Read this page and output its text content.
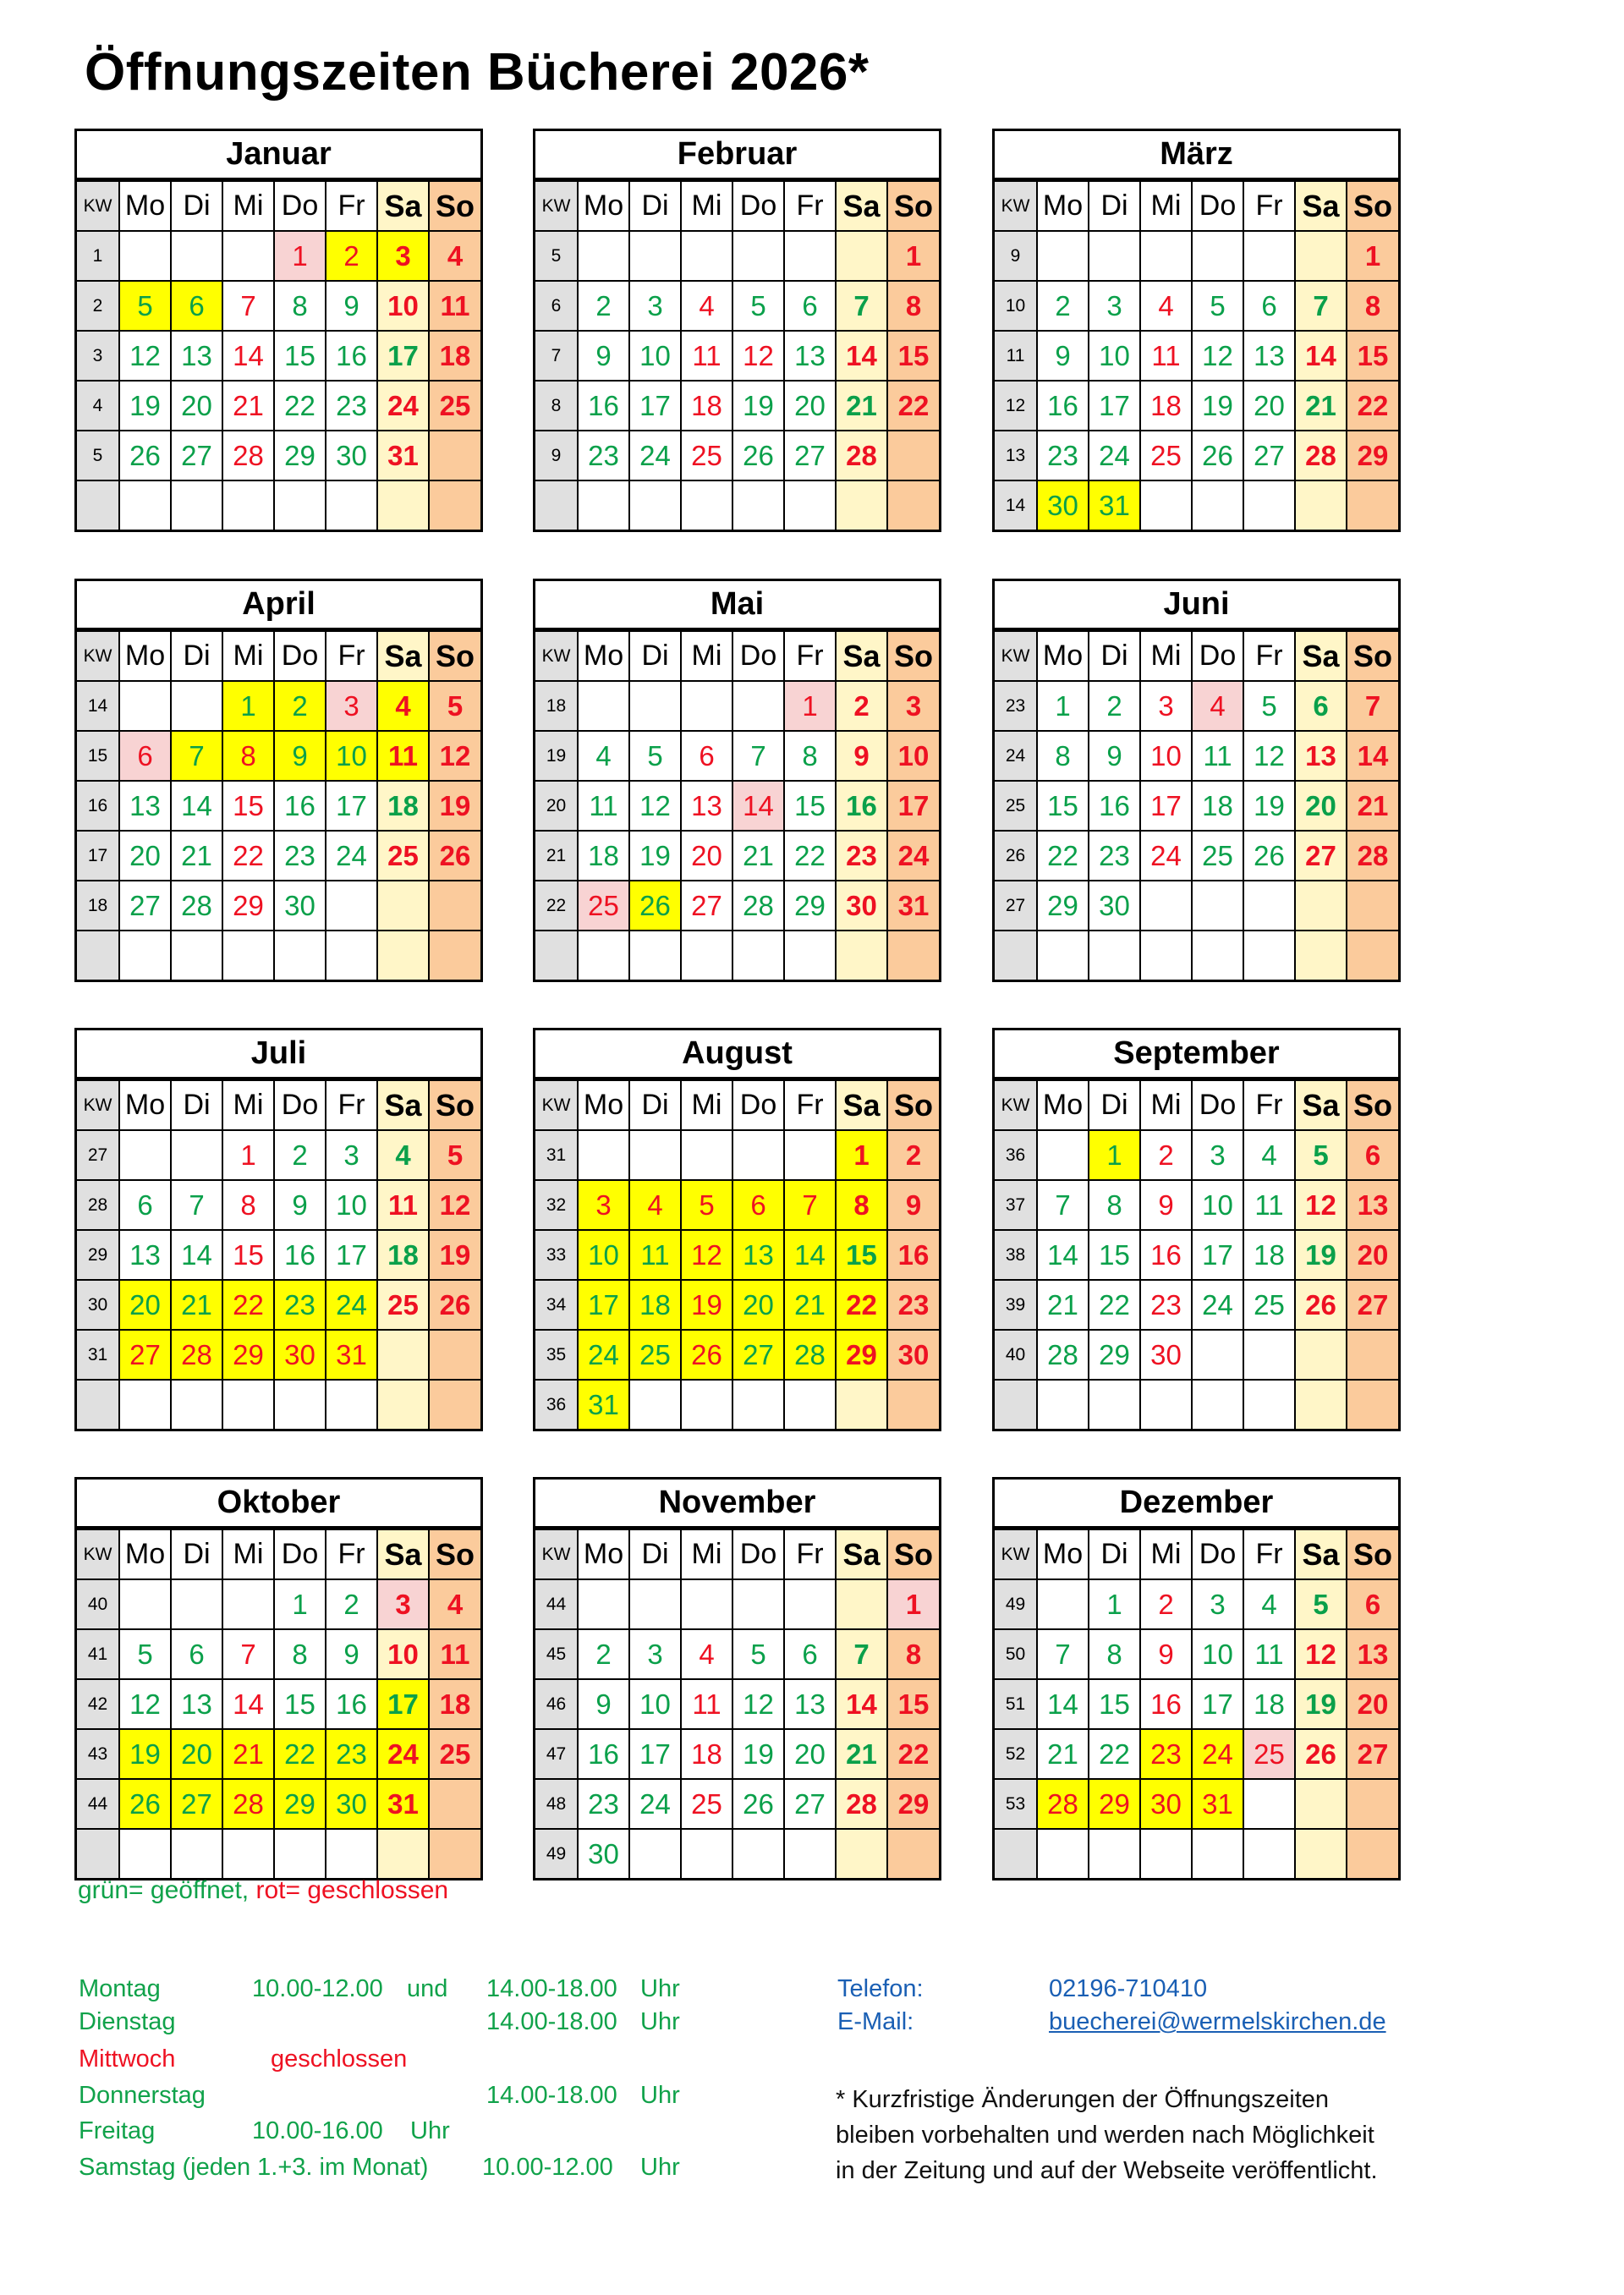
Öffnungszeiten Bücherei 2026*
Januar
KW	Mo	Di	Mi	Do	Fr	Sa	So
1				1	2	3	4
2	5	6	7	8	9	10	11
3	12	13	14	15	16	17	18
4	19	20	21	22	23	24	25
5	26	27	28	29	30	31	

Februar
KW	Mo	Di	Mi	Do	Fr	Sa	So
5							1
6	2	3	4	5	6	7	8
7	9	10	11	12	13	14	15
8	16	17	18	19	20	21	22
9	23	24	25	26	27	28	

März
KW	Mo	Di	Mi	Do	Fr	Sa	So
9							1
10	2	3	4	5	6	7	8
11	9	10	11	12	13	14	15
12	16	17	18	19	20	21	22
13	23	24	25	26	27	28	29
14	30	31					
April
KW	Mo	Di	Mi	Do	Fr	Sa	So
14			1	2	3	4	5
15	6	7	8	9	10	11	12
16	13	14	15	16	17	18	19
17	20	21	22	23	24	25	26
18	27	28	29	30			

Mai
KW	Mo	Di	Mi	Do	Fr	Sa	So
18					1	2	3
19	4	5	6	7	8	9	10
20	11	12	13	14	15	16	17
21	18	19	20	21	22	23	24
22	25	26	27	28	29	30	31

Juni
KW	Mo	Di	Mi	Do	Fr	Sa	So
23	1	2	3	4	5	6	7
24	8	9	10	11	12	13	14
25	15	16	17	18	19	20	21
26	22	23	24	25	26	27	28
27	29	30					

Juli
KW	Mo	Di	Mi	Do	Fr	Sa	So
27			1	2	3	4	5
28	6	7	8	9	10	11	12
29	13	14	15	16	17	18	19
30	20	21	22	23	24	25	26
31	27	28	29	30	31		

August
KW	Mo	Di	Mi	Do	Fr	Sa	So
31						1	2
32	3	4	5	6	7	8	9
33	10	11	12	13	14	15	16
34	17	18	19	20	21	22	23
35	24	25	26	27	28	29	30
36	31						
September
KW	Mo	Di	Mi	Do	Fr	Sa	So
36		1	2	3	4	5	6
37	7	8	9	10	11	12	13
38	14	15	16	17	18	19	20
39	21	22	23	24	25	26	27
40	28	29	30				

Oktober
KW	Mo	Di	Mi	Do	Fr	Sa	So
40				1	2	3	4
41	5	6	7	8	9	10	11
42	12	13	14	15	16	17	18
43	19	20	21	22	23	24	25
44	26	27	28	29	30	31	

November
KW	Mo	Di	Mi	Do	Fr	Sa	So
44							1
45	2	3	4	5	6	7	8
46	9	10	11	12	13	14	15
47	16	17	18	19	20	21	22
48	23	24	25	26	27	28	29
49	30						
Dezember
KW	Mo	Di	Mi	Do	Fr	Sa	So
49		1	2	3	4	5	6
50	7	8	9	10	11	12	13
51	14	15	16	17	18	19	20
52	21	22	23	24	25	26	27
53	28	29	30	31			

grün= geöffnet, rot= geschlossen
Montag	10.00-12.00 und 14.00-18.00 Uhr
Dienstag	14.00-18.00 Uhr
Mittwoch	geschlossen
Donnerstag	14.00-18.00 Uhr
Freitag	10.00-16.00 Uhr
Samstag (jeden 1.+3. im Monat) 10.00-12.00 Uhr
Telefon:	02196-710410
E-Mail:	buecherei@wermelskirchen.de
* Kurzfristige Änderungen der Öffnungszeiten
bleiben vorbehalten und werden nach Möglichkeit
in der Zeitung und auf der Webseite veröffentlicht.
